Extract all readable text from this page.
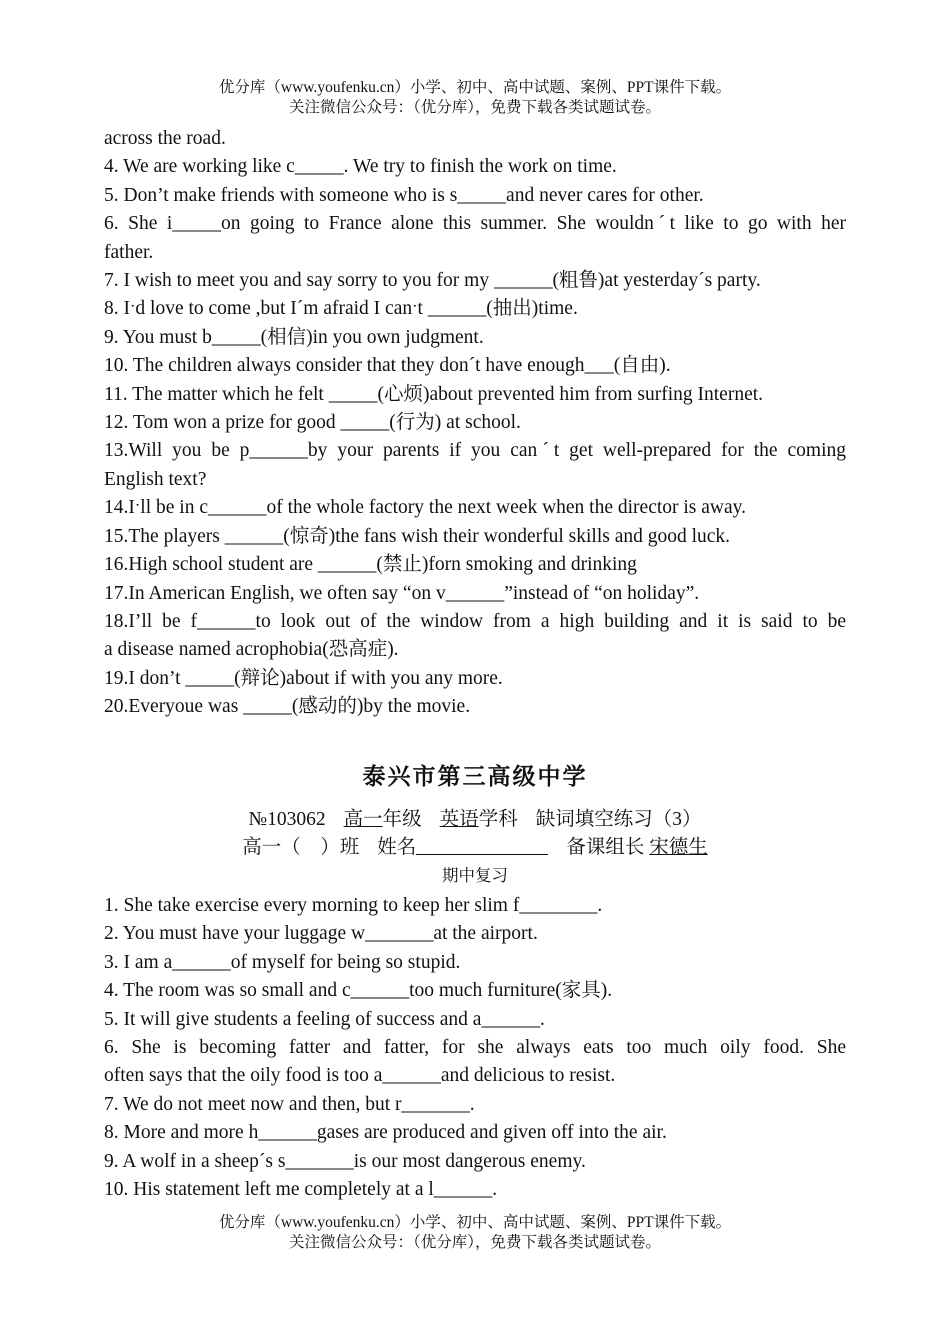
优分库（www.youfenku.cn）小学、初中、高中试题、案例、PPT课件下载。
关注微信公众号：（优分库），免费下载各类试题试卷。
across the road.
4. We are working like c_____. We try to finish the work on time.
5. Don’t make friends with someone who is s_____and never cares for other.
6. She i_____on going to France alone this summer. She wouldnˊt like to go with her
father.
7. I wish to meet you and say sorry to you for my ______(粗鲁)at yesterdayˊs party.
8. Iˑd love to come ,but Iˊm afraid I canˑt ______(抽出)time.
9. You must b_____(相信)in you own judgment.
10. The children always consider that they donˊt have enough___(自由).
11. The matter which he felt _____(心烦)about prevented him from surfing Internet.
12. Tom won a prize for good _____(行为) at school.
13.Will you be p______by your parents if you canˊt get well-prepared for the coming
English text?
14.Iˑll be in c______of the whole factory the next week when the director is away.
15.The players ______(惊奇)the fans wish their wonderful skills and good luck.
16.High school student are ______(禁止)forn smoking and drinking
17.In American English, we often say “on v______”instead of “on holiday”.
18.I’ll be f______to look out of the window from a high building and it is said to be
a disease named acrophobia(恐高症).
19.I don’t _____(辩论)about if with you any more.
20.Everyoue was _____(感动的)by the movie.
泰兴市第三高级中学
№103062 高一年级 英语学科 缺词填空练习（3）
高一（　）班 姓名	备课组长 宋德生
期中复习
1. She take exercise every morning to keep her slim f________.
2. You must have your luggage w_______at the airport.
3. I am a______of myself for being so stupid.
4. The room was so small and c______too much furniture(家具).
5. It will give students a feeling of success and a______.
6. She is becoming fatter and fatter, for she always eats too much oily food. She
often says that the oily food is too a______and delicious to resist.
7. We do not meet now and then, but r_______.
8. More and more h______gases are produced and given off into the air.
9. A wolf in a sheepˊs s_______is our most dangerous enemy.
10. His statement left me completely at a l______.
优分库（www.youfenku.cn）小学、初中、高中试题、案例、PPT课件下载。
关注微信公众号：（优分库），免费下载各类试题试卷。
